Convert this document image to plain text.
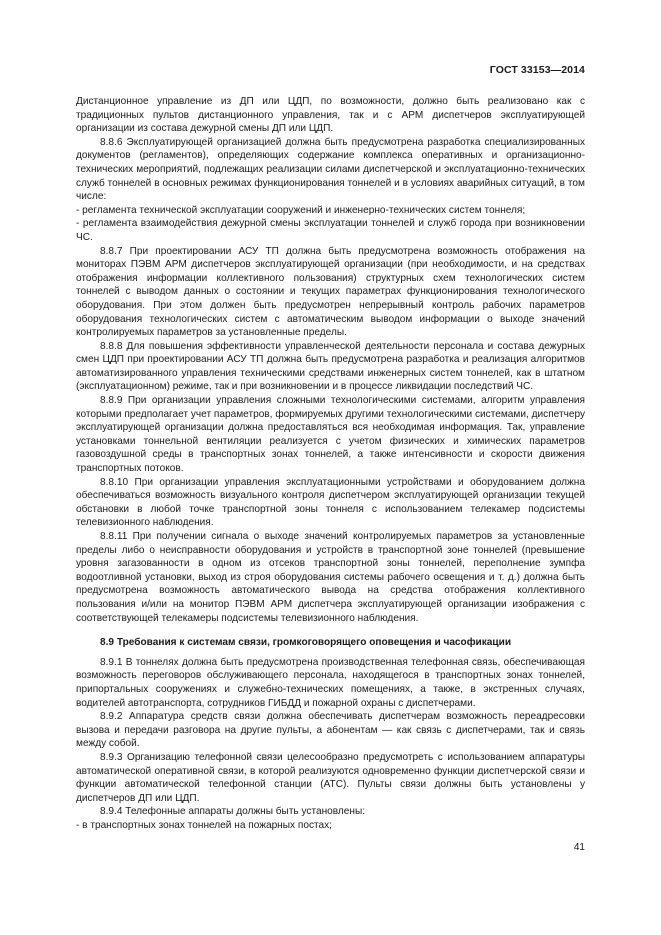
ГОСТ 33153—2014

Дистанционное управление из ДП или ЦДП, по возможности, должно быть реализовано как с традиционных пультов дистанционного управления, так и с АРМ диспетчеров эксплуатирующей организации из состава дежурной смены ДП или ЦДП.

8.8.6 Эксплуатирующей организацией должна быть предусмотрена разработка специализированных документов (регламентов), определяющих содержание комплекса оперативных и организационно-технических мероприятий, подлежащих реализации силами диспетчерской и эксплуатационно-технических служб тоннелей в основных режимах функционирования тоннелей и в условиях аварийных ситуаций, в том числе:

- регламента технической эксплуатации сооружений и инженерно-технических систем тоннеля;

- регламента взаимодействия дежурной смены эксплуатации тоннелей и служб города при возникновении ЧС.

8.8.7 При проектировании АСУ ТП должна быть предусмотрена возможность отображения на мониторах ПЭВМ АРМ диспетчеров эксплуатирующей организации (при необходимости, и на средствах отображения информации коллективного пользования) структурных схем технологических систем тоннелей с выводом данных о состоянии и текущих параметрах функционирования технологического оборудования. При этом должен быть предусмотрен непрерывный контроль рабочих параметров оборудования технологических систем с автоматическим выводом информации о выходе значений контролируемых параметров за установленные пределы.

8.8.8 Для повышения эффективности управленческой деятельности персонала и состава дежурных смен ЦДП при проектировании АСУ ТП должна быть предусмотрена разработка и реализация алгоритмов автоматизированного управления техническими средствами инженерных систем тоннелей, как в штатном (эксплуатационном) режиме, так и при возникновении и в процессе ликвидации последствий ЧС.

8.8.9 При организации управления сложными технологическими системами, алгоритм управления которыми предполагает учет параметров, формируемых другими технологическими системами, диспетчеру эксплуатирующей организации должна предоставляться вся необходимая информация. Так, управление установками тоннельной вентиляции реализуется с учетом физических и химических параметров газовоздушной среды в транспортных зонах тоннелей, а также интенсивности и скорости движения транспортных потоков.

8.8.10 При организации управления эксплуатационными устройствами и оборудованием должна обеспечиваться возможность визуального контроля диспетчером эксплуатирующей организации текущей обстановки в любой точке транспортной зоны тоннеля с использованием телекамер подсистемы телевизионного наблюдения.

8.8.11 При получении сигнала о выходе значений контролируемых параметров за установленные пределы либо о неисправности оборудования и устройств в транспортной зоне тоннелей (превышение уровня загазованности в одном из отсеков транспортной зоны тоннелей, переполнение зумпфа водоотливной установки, выход из строя оборудования системы рабочего освещения и т. д.) должна быть предусмотрена возможность автоматического вывода на средства отображения коллективного пользования и/или на монитор ПЭВМ АРМ диспетчера эксплуатирующей организации изображения с соответствующей телекамеры подсистемы телевизионного наблюдения.

8.9 Требования к системам связи, громкоговорящего оповещения и часофикации

8.9.1 В тоннелях должна быть предусмотрена производственная телефонная связь, обеспечивающая возможность переговоров обслуживающего персонала, находящегося в транспортных зонах тоннелей, припортальных сооружениях и служебно-технических помещениях, а также, в экстренных случаях, водителей автотранспорта, сотрудников ГИБДД и пожарной охраны с диспетчерами.

8.9.2 Аппаратура средств связи должна обеспечивать диспетчерам возможность переадресовки вызова и передачи разговора на другие пульты, а абонентам — как связь с диспетчерами, так и связь между собой.

8.9.3 Организацию телефонной связи целесообразно предусмотреть с использованием аппаратуры автоматической оперативной связи, в которой реализуются одновременно функции диспетчерской связи и функции автоматической телефонной станции (АТС). Пульты связи должны быть установлены у диспетчеров ДП или ЦДП.

8.9.4 Телефонные аппараты должны быть установлены:

- в транспортных зонах тоннелей на пожарных постах;

41
